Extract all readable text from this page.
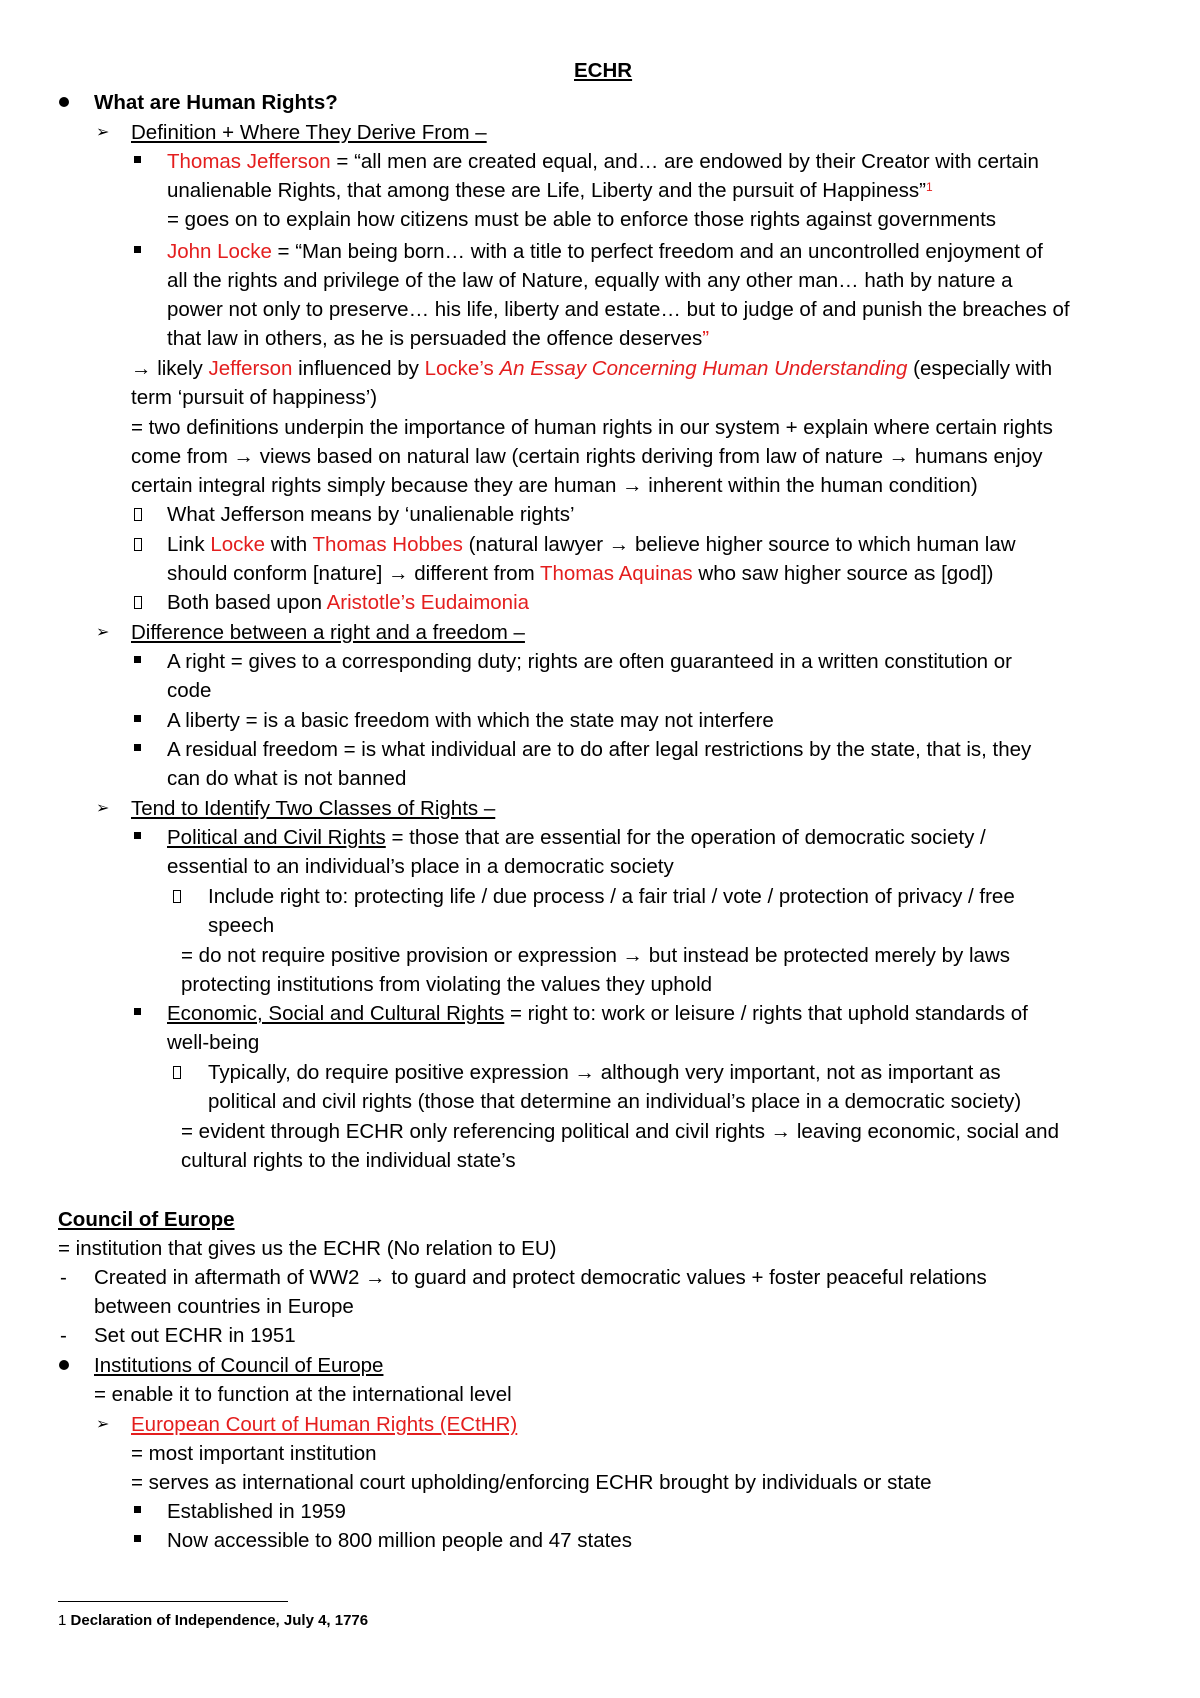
ECHR
What are Human Rights?
➢ Definition + Where They Derive From –
Thomas Jefferson = “all men are created equal, and… are endowed by their Creator with certain
unalienable Rights, that among these are Life, Liberty and the pursuit of Happiness”$^1$
= goes on to explain how citizens must be able to enforce those rights against governments
John Locke = “Man being born… with a title to perfect freedom and an uncontrolled enjoyment of
all the rights and privilege of the law of Nature, equally with any other man… hath by nature a
power not only to preserve… his life, liberty and estate… but to judge of and punish the breaches of
that law in others, as he is persuaded the offence deserves”
→ likely Jefferson influenced by Locke’s An Essay Concerning Human Understanding (especially with
term ‘pursuit of happiness’)
= two definitions underpin the importance of human rights in our system + explain where certain rights
come from → views based on natural law (certain rights deriving from law of nature → humans enjoy
certain integral rights simply because they are human → inherent within the human condition)
What Jefferson means by ‘unalienable rights’
Link Locke with Thomas Hobbes (natural lawyer → believe higher source to which human law
should conform [nature] → different from Thomas Aquinas who saw higher source as [god])
Both based upon Aristotle’s Eudaimonia
➢ Difference between a right and a freedom –
A right = gives to a corresponding duty; rights are often guaranteed in a written constitution or
code
A liberty = is a basic freedom with which the state may not interfere
A residual freedom = is what individual are to do after legal restrictions by the state, that is, they
can do what is not banned
➢ Tend to Identify Two Classes of Rights –
Political and Civil Rights = those that are essential for the operation of democratic society /
essential to an individual’s place in a democratic society
Include right to: protecting life / due process / a fair trial / vote / protection of privacy / free
speech
= do not require positive provision or expression → but instead be protected merely by laws
protecting institutions from violating the values they uphold
Economic, Social and Cultural Rights = right to: work or leisure / rights that uphold standards of
well-being
Typically, do require positive expression → although very important, not as important as
political and civil rights (those that determine an individual’s place in a democratic society)
= evident through ECHR only referencing political and civil rights → leaving economic, social and
cultural rights to the individual state’s
Council of Europe
= institution that gives us the ECHR (No relation to EU)
- Created in aftermath of WW2 → to guard and protect democratic values + foster peaceful relations
between countries in Europe
- Set out ECHR in 1951
Institutions of Council of Europe
= enable it to function at the international level
➢ European Court of Human Rights (ECtHR)
= most important institution
= serves as international court upholding/enforcing ECHR brought by individuals or state
Established in 1959
Now accessible to 800 million people and 47 states
1 Declaration of Independence, July 4, 1776
